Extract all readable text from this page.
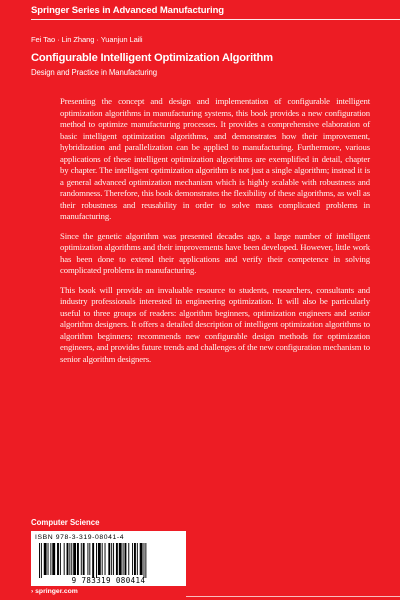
Springer Series in Advanced Manufacturing
Fei Tao · Lin Zhang · Yuanjun Laili
Configurable Intelligent Optimization Algorithm
Design and Practice in Manufacturing

Presenting the concept and design and implementation of configurable intelligent optimization algorithms in manufacturing systems, this book provides a new configuration method to optimize manufacturing processes. It provides a comprehensive elaboration of basic intelligent optimization algorithms, and demonstrates how their improvement, hybridization and parallelization can be applied to manufacturing. Furthermore, various applications of these intelligent optimization algorithms are exemplified in detail, chapter by chapter. The intelligent optimization algorithm is not just a single algorithm; instead it is a general advanced optimization mechanism which is highly scalable with robustness and randomness. Therefore, this book demonstrates the flexibility of these algorithms, as well as their robustness and reusability in order to solve mass complicated problems in manufacturing.

Since the genetic algorithm was presented decades ago, a large number of intelligent optimization algorithms and their improvements have been developed. However, little work has been done to extend their applications and verify their competence in solving complicated problems in manufacturing.

This book will provide an invaluable resource to students, researchers, consultants and industry professionals interested in engineering optimization. It will also be particularly useful to three groups of readers: algorithm beginners, optimization engineers and senior algorithm designers. It offers a detailed description of intelligent optimization algorithms to algorithm beginners; recommends new configurable design methods for optimization engineers, and provides future trends and challenges of the new configuration mechanism to senior algorithm designers.

Computer Science
ISBN 978-3-319-08041-4
9 783319 080414
› springer.com
